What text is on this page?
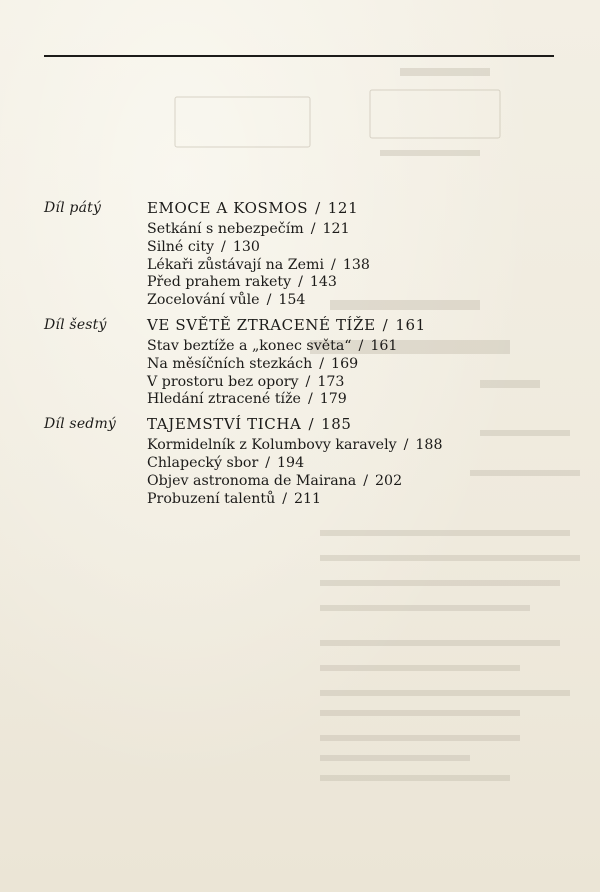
Díl pátý	EMOCE A KOSMOS / 121
Setkání s nebezpečím / 121
Silné city / 130
Lékaři zůstávají na Zemi / 138
Před prahem rakety / 143
Zocelování vůle / 154
Díl šestý	VE SVĚTĚ ZTRACENÉ TÍŽE / 161
Stav beztíže a „konec světa“ / 161
Na měsíčních stezkách / 169
V prostoru bez opory / 173
Hledání ztracené tíže / 179
Díl sedmý TAJEMSTVÍ TICHA / 185
Kormidelník z Kolumbovy karavely / 188
Chlapecký sbor / 194
Objev astronoma de Mairana / 202
Probuzení talentů / 211
